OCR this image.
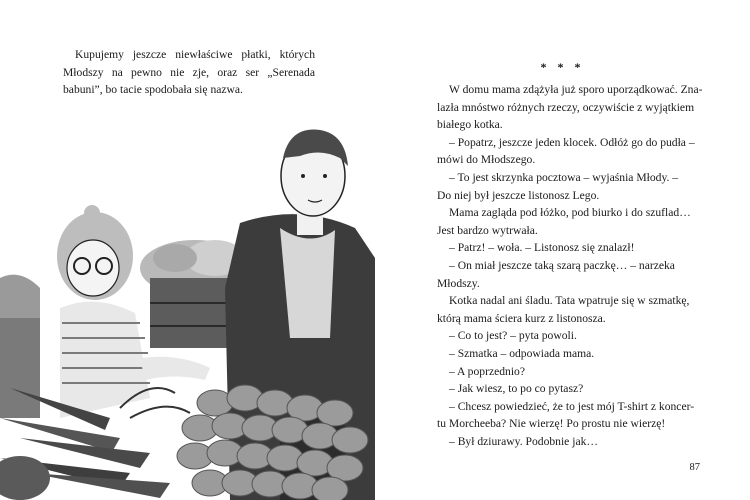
Kupujemy jeszcze niewłaściwe płatki, których Młodszy na pewno nie zje, oraz ser „Serenada babuni”, bo tacie spodobała się nazwa.

* * *
W domu mama zdążyła już sporo uporządkować. Zna-
lazła mnóstwo różnych rzeczy, oczywiście z wyjątkiem
białego kotka.
– Popatrz, jeszcze jeden klocek. Odłóż go do pudła –
mówi do Młodszego.
– To jest skrzynka pocztowa – wyjaśnia Młody. –
Do niej był jeszcze listonosz Lego.
Mama zagląda pod łóżko, pod biurko i do szuflad…
Jest bardzo wytrwała.
– Patrz! – woła. – Listonosz się znalazł!
– On miał jeszcze taką szarą paczkę… – narzeka
Młodszy.
Kotka nadal ani śladu. Tata wpatruje się w szmatkę,
którą mama ściera kurz z listonosza.
– Co to jest? – pyta powoli.
– Szmatka – odpowiada mama.
– A poprzednio?
– Jak wiesz, to po co pytasz?
– Chcesz powiedzieć, że to jest mój T-shirt z koncer-
tu Morcheeba? Nie wierzę! Po prostu nie wierzę!
– Był dziurawy. Podobnie jak…
87
